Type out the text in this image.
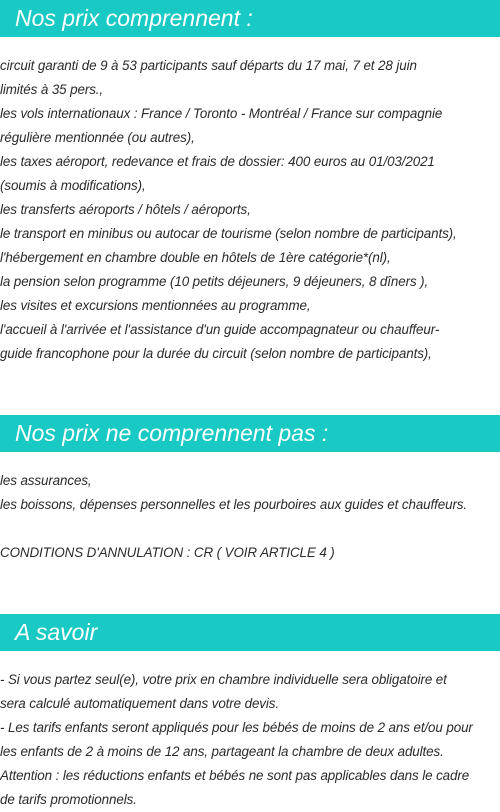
Nos prix comprennent :

circuit garanti de 9 à 53 participants sauf départs du 17 mai, 7 et 28 juin

limités à 35 pers.,

les vols internationaux : France / Toronto - Montréal / France sur compagnie

régulière mentionnée (ou autres),

les taxes aéroport, redevance et frais de dossier: 400 euros au 01/03/2021

(soumis à modifications),

les transferts aéroports / hôtels / aéroports,

le transport en minibus ou autocar de tourisme (selon nombre de participants),

l'hébergement en chambre double en hôtels de 1ère catégorie*(nl),

la pension selon programme (10 petits déjeuners, 9 déjeuners, 8 dîners ),

les visites et excursions mentionnées au programme,

l'accueil à l'arrivée et l'assistance d'un guide accompagnateur ou chauffeur-

guide francophone pour la durée du circuit (selon nombre de participants),

Nos prix ne comprennent pas :

les assurances,

les boissons, dépenses personnelles et les pourboires aux guides et chauffeurs.

CONDITIONS D'ANNULATION : CR ( VOIR ARTICLE 4 )

A savoir

- Si vous partez seul(e), votre prix en chambre individuelle sera obligatoire et

sera calculé automatiquement dans votre devis.

- Les tarifs enfants seront appliqués pour les bébés de moins de 2 ans et/ou pour

les enfants de 2 à moins de 12 ans, partageant la chambre de deux adultes.

Attention : les réductions enfants et bébés ne sont pas applicables dans le cadre

de tarifs promotionnels.
